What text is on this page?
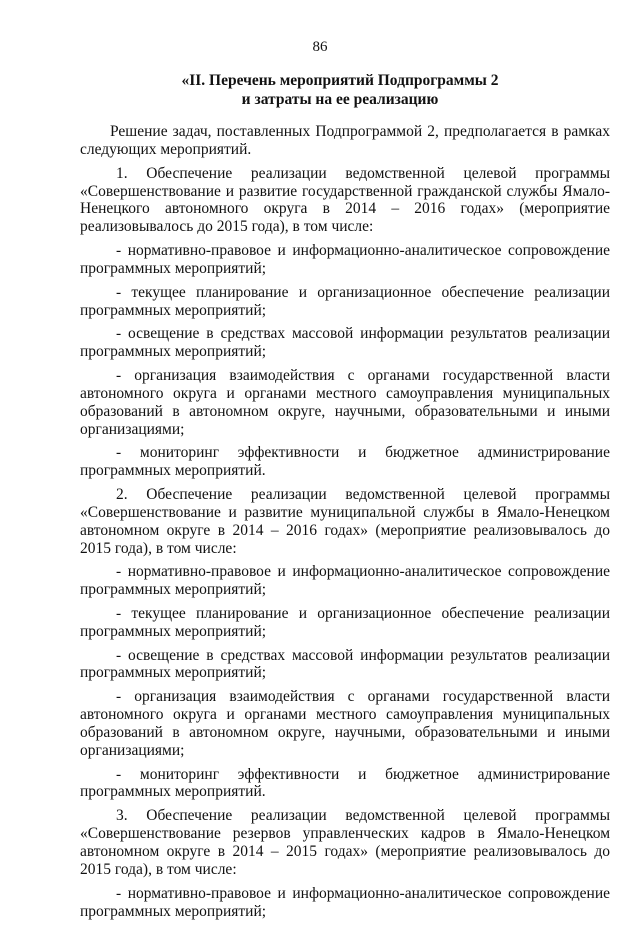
86
«II. Перечень мероприятий Подпрограммы 2
и затраты на ее реализацию

Решение задач, поставленных Подпрограммой 2, предполагается в рамках следующих мероприятий.

1. Обеспечение реализации ведомственной целевой программы «Совершенствование и развитие государственной гражданской службы Ямало-Ненецкого автономного округа в 2014 – 2016 годах» (мероприятие реализовывалось до 2015 года), в том числе:

- нормативно-правовое и информационно-аналитическое сопровождение программных мероприятий;

- текущее планирование и организационное обеспечение реализации программных мероприятий;

- освещение в средствах массовой информации результатов реализации программных мероприятий;

- организация взаимодействия с органами государственной власти автономного округа и органами местного самоуправления муниципальных образований в автономном округе, научными, образовательными и иными организациями;

- мониторинг эффективности и бюджетное администрирование программных мероприятий.

2. Обеспечение реализации ведомственной целевой программы «Совершенствование и развитие муниципальной службы в Ямало-Ненецком автономном округе в 2014 – 2016 годах» (мероприятие реализовывалось до 2015 года), в том числе:

- нормативно-правовое и информационно-аналитическое сопровождение программных мероприятий;

- текущее планирование и организационное обеспечение реализации программных мероприятий;

- освещение в средствах массовой информации результатов реализации программных мероприятий;

- организация взаимодействия с органами государственной власти автономного округа и органами местного самоуправления муниципальных образований в автономном округе, научными, образовательными и иными организациями;

- мониторинг эффективности и бюджетное администрирование программных мероприятий.

3. Обеспечение реализации ведомственной целевой программы «Совершенствование резервов управленческих кадров в Ямало-Ненецком автономном округе в 2014 – 2015 годах» (мероприятие реализовывалось до 2015 года), в том числе:

- нормативно-правовое и информационно-аналитическое сопровождение программных мероприятий;
